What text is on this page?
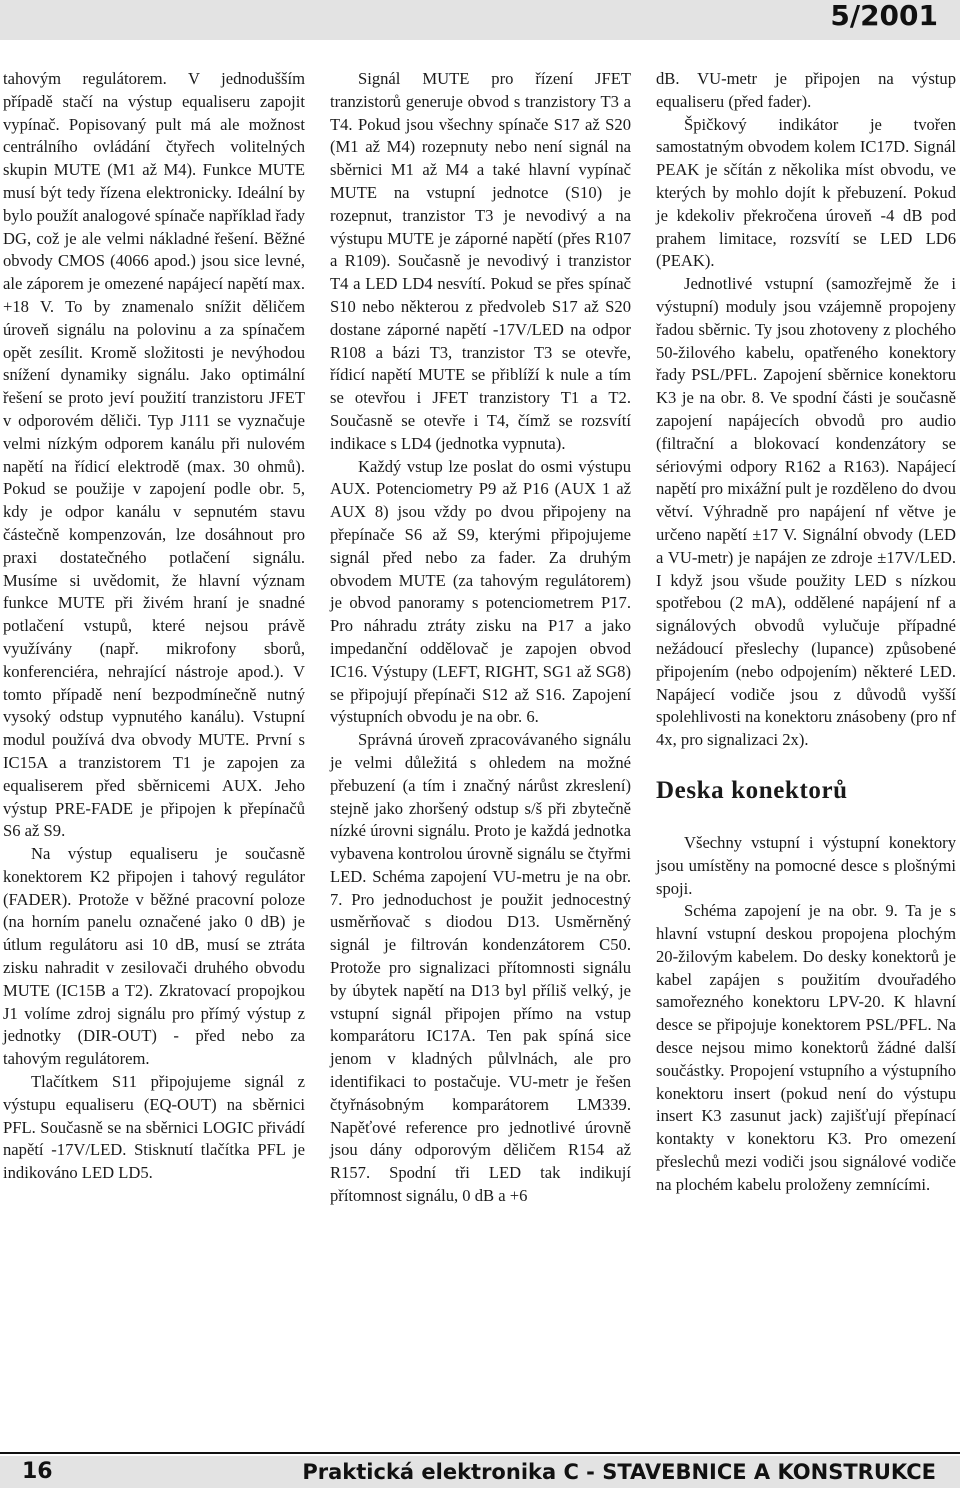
5/2001

tahovým regulátorem. V jednodušším případě stačí na výstup equaliseru zapojit vypínač. Popisovaný pult má ale možnost centrálního ovládání čtyřech volitelných skupin MUTE (M1 až M4). Funkce MUTE musí být tedy řízena elektronicky. Ideální by bylo použít analogové spínače například řady DG, což je ale velmi nákladné řešení. Běžné obvody CMOS (4066 apod.) jsou sice levné, ale záporem je omezené napájecí napětí max. +18 V. To by znamenalo snížit děličem úroveň signálu na polovinu a za spínačem opět zesílit. Kromě složitosti je nevýhodou snížení dynamiky signálu. Jako optimální řešení se proto jeví použití tranzistoru JFET v odporovém děliči. Typ J111 se vyznačuje velmi nízkým odporem kanálu při nulovém napětí na řídicí elektrodě (max. 30 ohmů). Pokud se použije v zapojení podle obr. 5, kdy je odpor kanálu v sepnutém stavu částečně kompenzován, lze dosáhnout pro praxi dostatečného potlačení signálu. Musíme si uvědomit, že hlavní význam funkce MUTE při živém hraní je snadné potlačení vstupů, které nejsou právě využívány (např. mikrofony sborů, konferenciéra, nehrající nástroje apod.). V tomto případě není bezpodmínečně nutný vysoký odstup vypnutého kanálu). Vstupní modul používá dva obvody MUTE. První s IC15A a tranzistorem T1 je zapojen za equaliserem před sběrnicemi AUX. Jeho výstup PRE-FADE je připojen k přepínačů S6 až S9.

Na výstup equaliseru je současně konektorem K2 připojen i tahový regulátor (FADER). Protože v běžné pracovní poloze (na horním panelu označené jako 0 dB) je útlum regulátoru asi 10 dB, musí se ztráta zisku nahradit v zesilovači druhého obvodu MUTE (IC15B a T2). Zkratovací propojkou J1 volíme zdroj signálu pro přímý výstup z jednotky (DIR-OUT) - před nebo za tahovým regulátorem.

Tlačítkem S11 připojujeme signál z výstupu equaliseru (EQ-OUT) na sběrnici PFL. Současně se na sběrnici LOGIC přivádí napětí -17V/LED. Stisknutí tlačítka PFL je indikováno LED LD5.

Signál MUTE pro řízení JFET tranzistorů generuje obvod s tranzistory T3 a T4. Pokud jsou všechny spínače S17 až S20 (M1 až M4) rozepnuty nebo není signál na sběrnici M1 až M4 a také hlavní vypínač MUTE na vstupní jednotce (S10) je rozepnut, tranzistor T3 je nevodivý a na výstupu MUTE je záporné napětí (přes R107 a R109). Současně je nevodivý i tranzistor T4 a LED LD4 nesvítí. Pokud se přes spínač S10 nebo některou z předvoleb S17 až S20 dostane záporné napětí -17V/LED na odpor R108 a bázi T3, tranzistor T3 se otevře, řídicí napětí MUTE se přiblíží k nule a tím se otevřou i JFET tranzistory T1 a T2. Současně se otevře i T4, čímž se rozsvítí indikace s LD4 (jednotka vypnuta).

Každý vstup lze poslat do osmi výstupu AUX. Potenciometry P9 až P16 (AUX 1 až AUX 8) jsou vždy po dvou připojeny na přepínače S6 až S9, kterými připojujeme signál před nebo za fader. Za druhým obvodem MUTE (za tahovým regulátorem) je obvod panoramy s potenciometrem P17. Pro náhradu ztráty zisku na P17 a jako impedanční oddělovač je zapojen obvod IC16. Výstupy (LEFT, RIGHT, SG1 až SG8) se připojují přepínači S12 až S16. Zapojení výstupních obvodu je na obr. 6.

Správná úroveň zpracovávaného signálu je velmi důležitá s ohledem na možné přebuzení (a tím i značný nárůst zkreslení) stejně jako zhoršený odstup s/š při zbytečně nízké úrovni signálu. Proto je každá jednotka vybavena kontrolou úrovně signálu se čtyřmi LED. Schéma zapojení VU-metru je na obr. 7. Pro jednoduchost je použit jednocestný usměrňovač s diodou D13. Usměrněný signál je filtrován kondenzátorem C50. Protože pro signalizaci přítomnosti signálu by úbytek napětí na D13 byl příliš velký, je vstupní signál připojen přímo na vstup komparátoru IC17A. Ten pak spíná sice jenom v kladných půlvlnách, ale pro identifikaci to postačuje. VU-metr je řešen čtyřnásobným komparátorem LM339. Napěťové reference pro jednotlivé úrovně jsou dány odporovým děličem R154 až R157. Spodní tři LED tak indikují přítomnost signálu, 0 dB a +6

dB. VU-metr je připojen na výstup equaliseru (před fader).

Špičkový indikátor je tvořen samostatným obvodem kolem IC17D. Signál PEAK je sčítán z několika míst obvodu, ve kterých by mohlo dojít k přebuzení. Pokud je kdekoliv překročena úroveň -4 dB pod prahem limitace, rozsvítí se LED LD6 (PEAK).

Jednotlivé vstupní (samozřejmě že i výstupní) moduly jsou vzájemně propojeny řadou sběrnic. Ty jsou zhotoveny z plochého 50-žilového kabelu, opatřeného konektory řady PSL/PFL. Zapojení sběrnice konektoru K3 je na obr. 8. Ve spodní části je současně zapojení napájecích obvodů pro audio (filtrační a blokovací kondenzátory se sériovými odpory R162 a R163). Napájecí napětí pro mixážní pult je rozděleno do dvou větví. Výhradně pro napájení nf větve je určeno napětí ±17 V. Signální obvody (LED a VU-metr) je napájen ze zdroje ±17V/LED. I když jsou všude použity LED s nízkou spotřebou (2 mA), oddělené napájení nf a signálových obvodů vylučuje případné nežádoucí přeslechy (lupance) způsobené připojením (nebo odpojením) některé LED. Napájecí vodiče jsou z důvodů vyšší spolehlivosti na konektoru znásobeny (pro nf 4x, pro signalizaci 2x).

Deska konektorů

Všechny vstupní i výstupní konektory jsou umístěny na pomocné desce s plošnými spoji.

Schéma zapojení je na obr. 9. Ta je s hlavní vstupní deskou propojena plochým 20-žilovým kabelem. Do desky konektorů je kabel zapájen s použitím dvouřadého samořezného konektoru LPV-20. K hlavní desce se připojuje konektorem PSL/PFL. Na desce nejsou mimo konektorů žádné další součástky. Propojení vstupního a výstupního konektoru insert (pokud není do výstupu insert K3 zasunut jack) zajišťují přepínací kontakty v konektoru K3. Pro omezení přeslechů mezi vodiči jsou signálové vodiče na plochém kabelu proloženy zemnícími.

16	Praktická elektronika C - STAVEBNICE A KONSTRUKCE
